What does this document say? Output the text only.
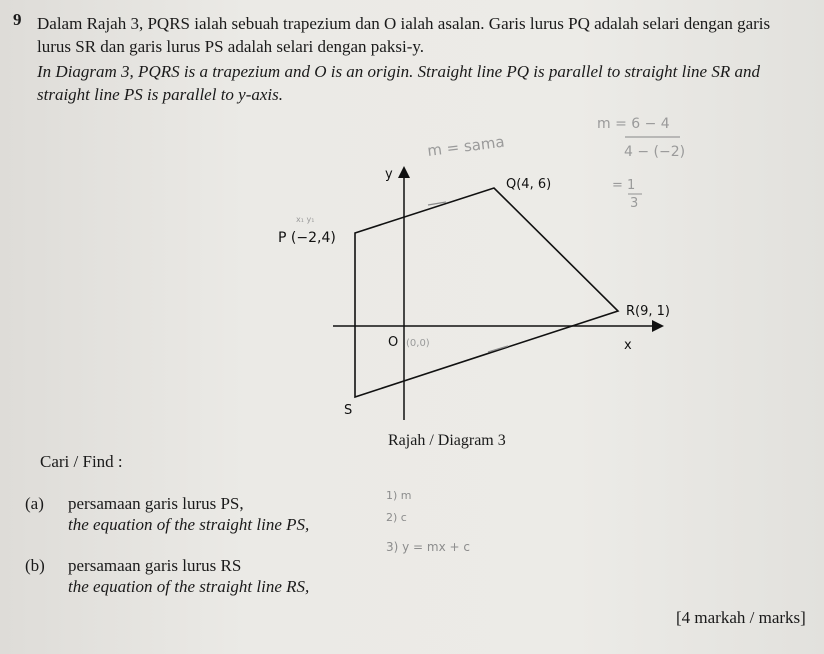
9 Dalam Rajah 3, PQRS ialah sebuah trapezium dan O ialah asalan. Garis lurus PQ adalah selari dengan garis lurus SR dan garis lurus PS adalah selari dengan paksi-y.
In Diagram 3, PQRS is a trapezium and O is an origin. Straight line PQ is parallel to straight line SR and straight line PS is parallel to y-axis.
y
x
P (−2,4)
Q(4, 6)
R(9, 1)
O
S
x₁ y₁
(0,0)
m = sama
m = 6 − 4
4 − (−2)
= 1
3
Rajah / Diagram 3
Cari / Find :
(a) persamaan garis lurus PS,
the equation of the straight line PS,
(b) persamaan garis lurus RS
the equation of the straight line RS,
1) m
2) c
3) y = mx + c
[4 markah / marks]
